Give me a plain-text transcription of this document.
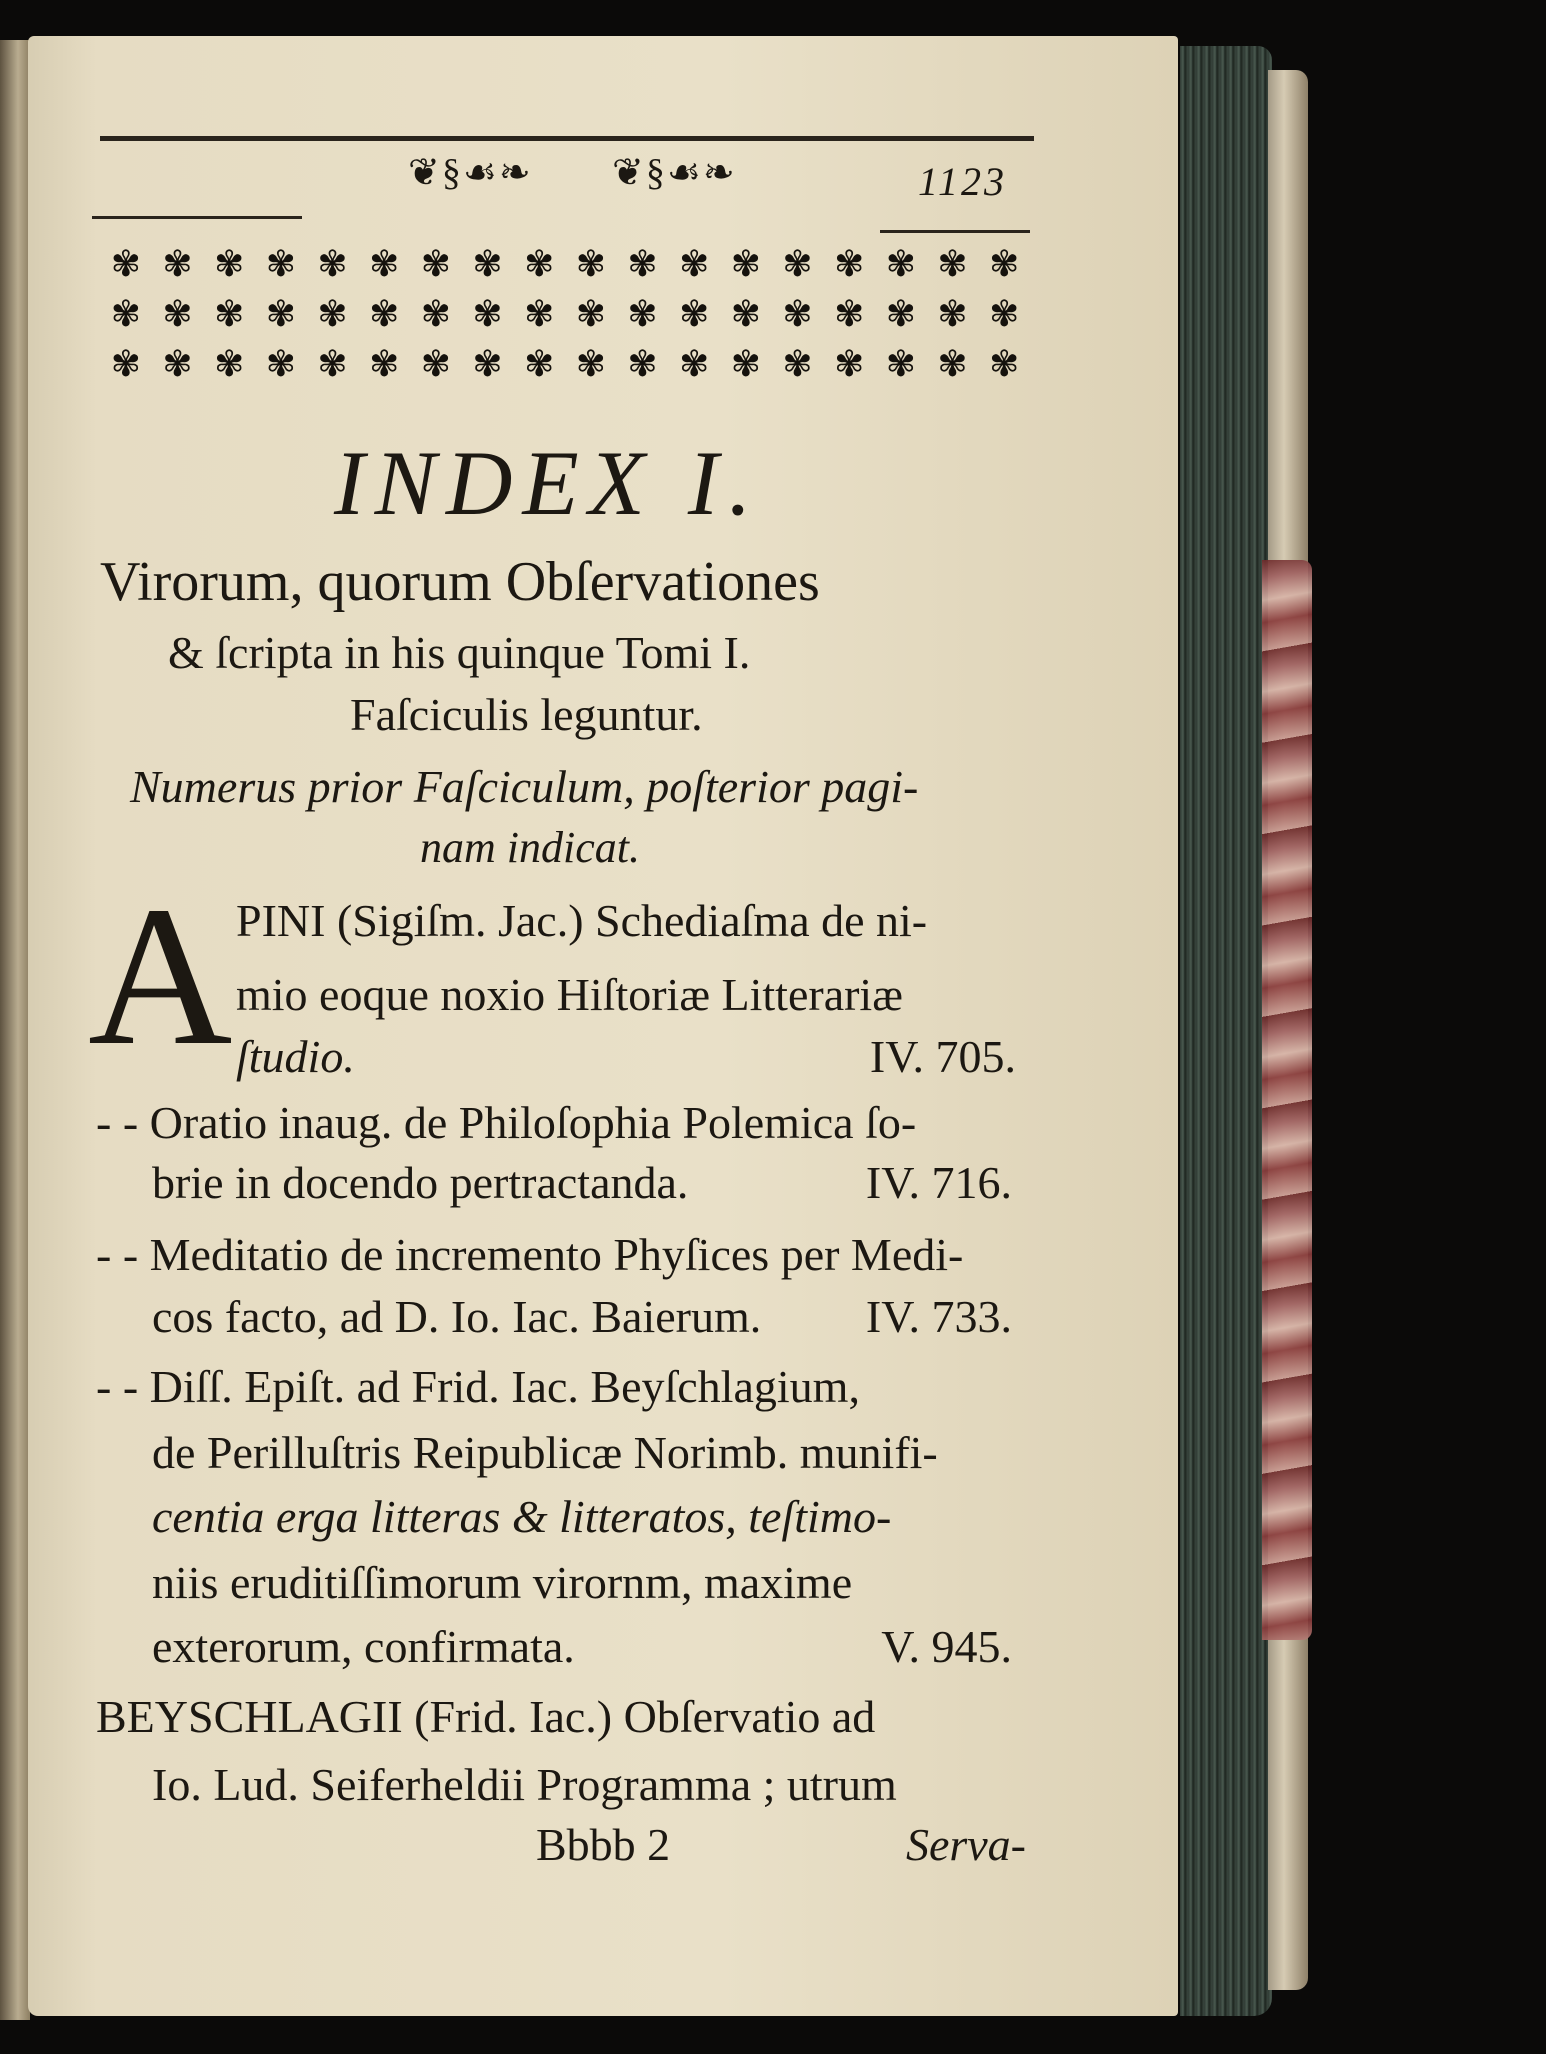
❦§☙❧ ❦§☙❧	1123
✾ ✾ ✾ ✾ ✾ ✾ ✾ ✾ ✾ ✾ ✾ ✾ ✾ ✾ ✾ ✾ ✾ ✾
✾ ✾ ✾ ✾ ✾ ✾ ✾ ✾ ✾ ✾ ✾ ✾ ✾ ✾ ✾ ✾ ✾ ✾
✾ ✾ ✾ ✾ ✾ ✾ ✾ ✾ ✾ ✾ ✾ ✾ ✾ ✾ ✾ ✾ ✾ ✾
INDEX I.
Virorum, quorum Obſervationes
& ſcripta in his quinque Tomi I.
Faſciculis leguntur.
Numerus prior Faſciculum, poſterior pagi-
nam indicat.
A PINI (Sigiſm. Jac.) Schediaſma de ni-
mio eoque noxio Hiſtoriæ Litterariæ
ſtudio.	IV. 705.
- - Oratio inaug. de Philoſophia Polemica ſo-
brie in docendo pertractanda.	IV. 716.
- - Meditatio de incremento Phyſices per Medi-
cos facto, ad D. Io. Iac. Baierum. IV. 733.
- - Diſſ. Epiſt. ad Frid. Iac. Beyſchlagium,
de Perilluſtris Reipublicæ Norimb. munifi-
centia erga litteras & litteratos, teſtimo-
niis eruditiſſimorum virornm, maxime
exterorum, confirmata.	V. 945.
BEYSCHLAGII (Frid. Iac.) Obſervatio ad
Io. Lud. Seiferheldii Programma ; utrum
Bbbb 2	Serva-
